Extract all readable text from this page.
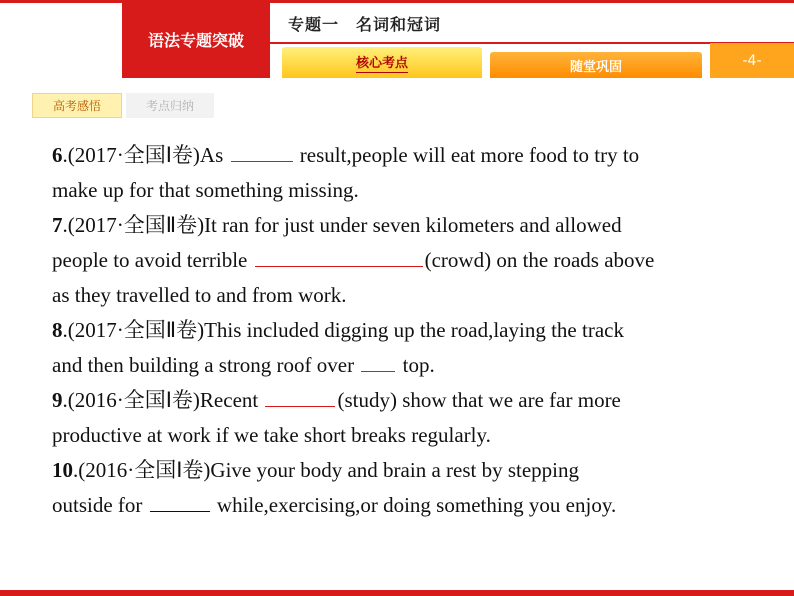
语法专题突破
专题一　名词和冠词
核心考点	随堂巩固	-4-
高考感悟	考点归纳
6.(2017·全国Ⅰ卷)As	result,people will eat more food to try to
make up for that something missing.
7.(2017·全国Ⅱ卷)It ran for just under seven kilometers and allowed
people to avoid terrible	(crowd) on the roads above
as they travelled to and from work.
8.(2017·全国Ⅱ卷)This included digging up the road,laying the track
and then building a strong roof over  top.
9.(2016·全国Ⅰ卷)Recent	(study) show that we are far more
productive at work if we take short breaks regularly.
10.(2016·全国Ⅰ卷)Give your body and brain a rest by stepping
outside for	while,exercising,or doing something you enjoy.
